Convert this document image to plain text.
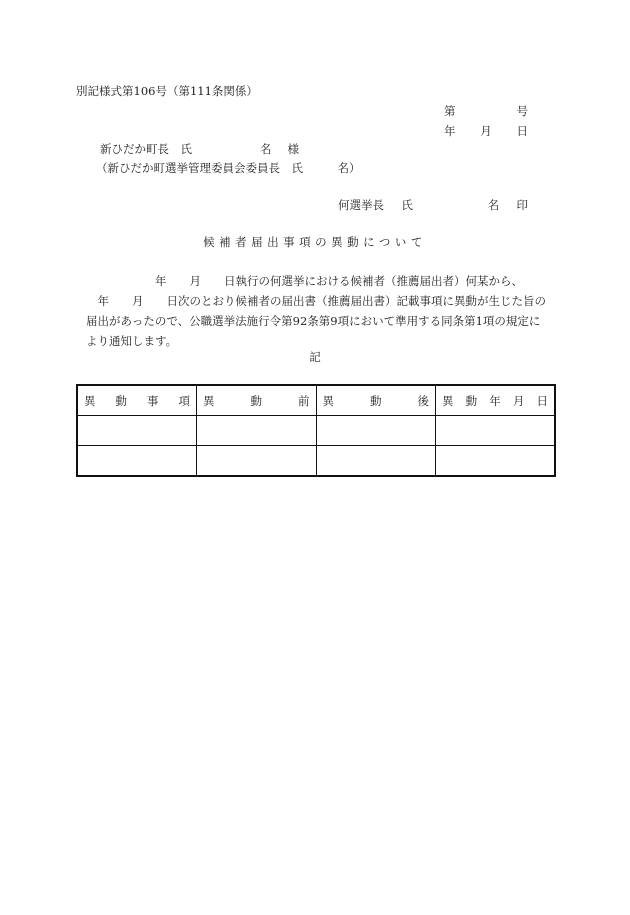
別記様式第106号（第111条関係）
第	号
年 月 日
新ひだか町長　氏	名 様
（新ひだか町選挙管理委員会委員長　氏　　　名）
何選挙長 氏	名 印
候補者届出事項の異動について

　　　　　　年　　月　　日執行の何選挙における候補者（推薦届出者）何某から、

　年　　月　　日次のとおり候補者の届出書（推薦届出書）記載事項に異動が生じた旨の

届出があったので、公職選挙法施行令第92条第9項において準用する同条第1項の規定に

より通知します。

記
異 動 事 項	異 動 前	異 動 後	異 動 年 月 日
